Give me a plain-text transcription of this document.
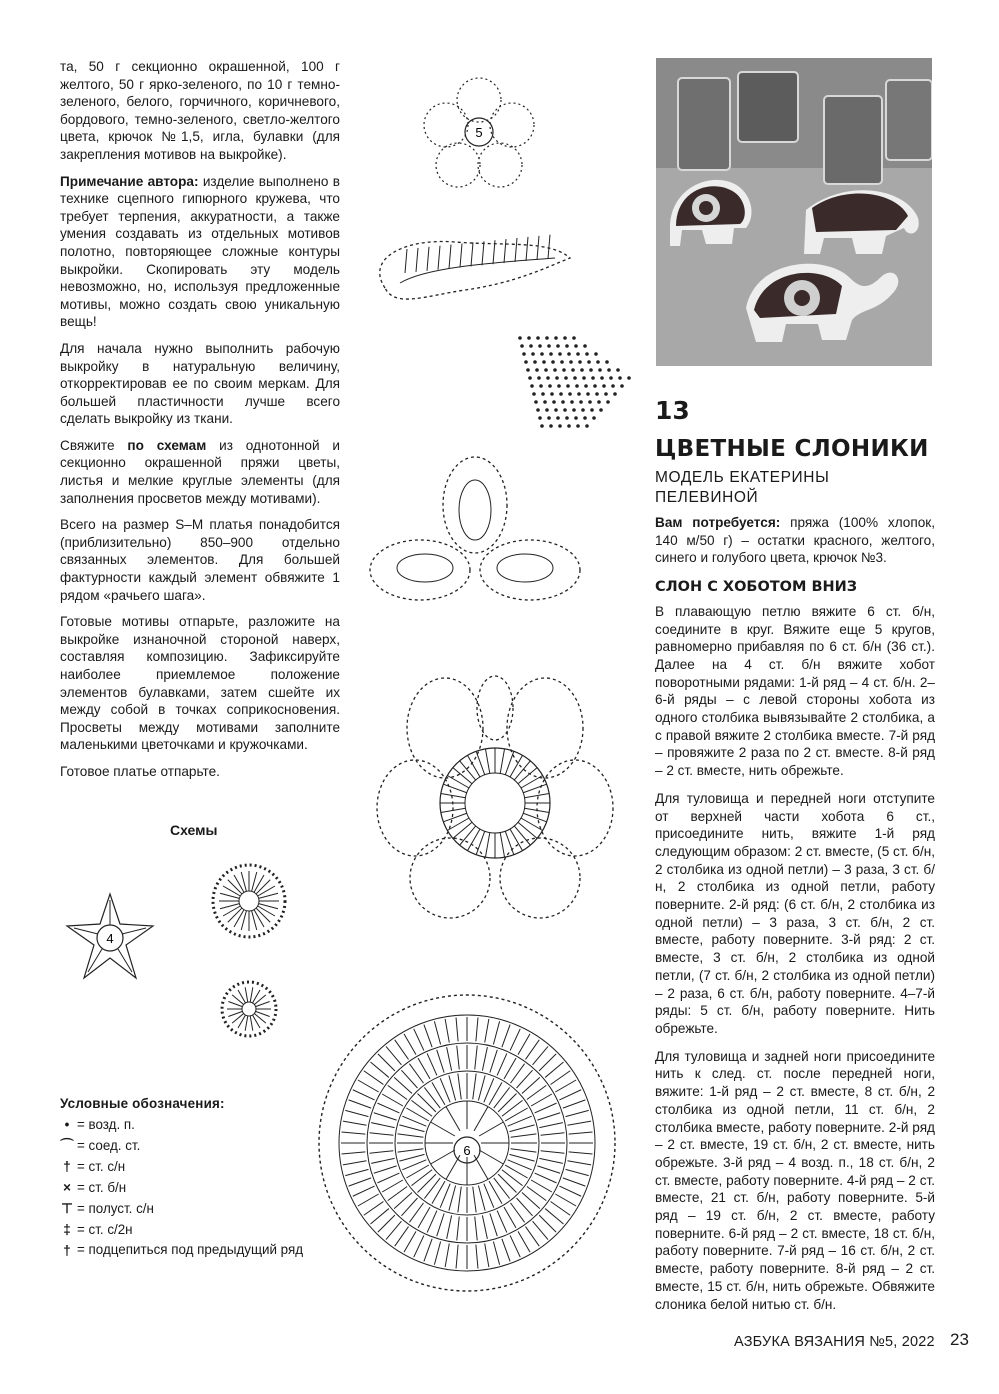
та, 50 г секционно окрашенной, 100 г желтого, 50 г ярко-зеленого, по 10 г темно-зеленого, белого, горчичного, коричневого, бордового, темно-зеленого, светло-желтого цвета, крючок №1,5, игла, булавки (для закрепления мотивов на выкройке).

Примечание автора: изделие выполнено в технике сцепного гипюрного кружева, что требует терпения, аккуратности, а также умения создавать из отдельных мотивов полотно, повторяющее сложные контуры выкройки. Скопировать эту модель невозможно, но, используя предложенные мотивы, можно создать свою уникальную вещь!

Для начала нужно выполнить рабочую выкройку в натуральную величину, откорректировав ее по своим меркам. Для большей пластичности лучше всего сделать выкройку из ткани.

Свяжите по схемам из однотонной и секционно окрашенной пряжи цветы, листья и мелкие круглые элементы (для заполнения просветов между мотивами).

Всего на размер S–M платья понадобится (приблизительно) 850–900 отдельно связанных элементов. Для большей фактурности каждый элемент обвяжите 1 рядом «рачьего шага».

Готовые мотивы отпарьте, разложите на выкройке изнаночной стороной наверх, составляя композицию. Зафиксируйте наиболее приемлемое положение элементов булавками, затем сшейте их между собой в точках соприкосновения. Просветы между мотивами заполните маленькими цветочками и кружочками.

Готовое платье отпарьте.

Схемы
4
5
6
Условные обозначения:
• = возд. п.
⌒ = соед. ст.
† = ст. с/н
× = ст. б/н
⊤ = полуст. с/н
‡ = ст. с/2н
† = подцепиться под предыдущий ряд
13
ЦВЕТНЫЕ СЛОНИКИ
МОДЕЛЬ ЕКАТЕРИНЫ ПЕЛЕВИНОЙ

Вам потребуется: пряжа (100% хлопок, 140 м/50 г) – остатки красного, желтого, синего и голубого цвета, крючок №3.

СЛОН С ХОБОТОМ ВНИЗ

В плавающую петлю вяжите 6 ст. б/н, соедините в круг. Вяжите еще 5 кругов, равномерно прибавляя по 6 ст. б/н (36 ст.). Далее на 4 ст. б/н вяжите хобот поворотными рядами: 1-й ряд – 4 ст. б/н. 2–6-й ряды – с левой стороны хобота из одного столбика вывязывайте 2 столбика, а с правой вяжите 2 столбика вместе. 7-й ряд – провяжите 2 раза по 2 ст. вместе. 8-й ряд – 2 ст. вместе, нить обрежьте.

Для туловища и передней ноги отступите от верхней части хобота 6 ст., присоедините нить, вяжите 1-й ряд следующим образом: 2 ст. вместе, (5 ст. б/н, 2 столбика из одной петли) – 3 раза, 3 ст. б/н, 2 столбика из одной петли, работу поверните. 2-й ряд: (6 ст. б/н, 2 столбика из одной петли) – 3 раза, 3 ст. б/н, 2 ст. вместе, работу поверните. 3-й ряд: 2 ст. вместе, 3 ст. б/н, 2 столбика из одной петли, (7 ст. б/н, 2 столбика из одной петли) – 2 раза, 6 ст. б/н, работу поверните. 4–7-й ряды: 5 ст. б/н, работу поверните. Нить обрежьте.

Для туловища и задней ноги присоедините нить к след. ст. после передней ноги, вяжите: 1-й ряд – 2 ст. вместе, 8 ст. б/н, 2 столбика из одной петли, 11 ст. б/н, 2 столбика вместе, работу поверните. 2-й ряд – 2 ст. вместе, 19 ст. б/н, 2 ст. вместе, нить обрежьте. 3-й ряд – 4 возд. п., 18 ст. б/н, 2 ст. вместе, работу поверните. 4-й ряд – 2 ст. вместе, 21 ст. б/н, работу поверните. 5-й ряд – 19 ст. б/н, 2 ст. вместе, работу поверните. 6-й ряд – 2 ст. вместе, 18 ст. б/н, работу поверните. 7-й ряд – 16 ст. б/н, 2 ст. вместе, работу поверните. 8-й ряд – 2 ст. вместе, 15 ст. б/н, нить обрежьте. Обвяжите слоника белой нитью ст. б/н.

АЗБУКА ВЯЗАНИЯ №5, 2022 23
